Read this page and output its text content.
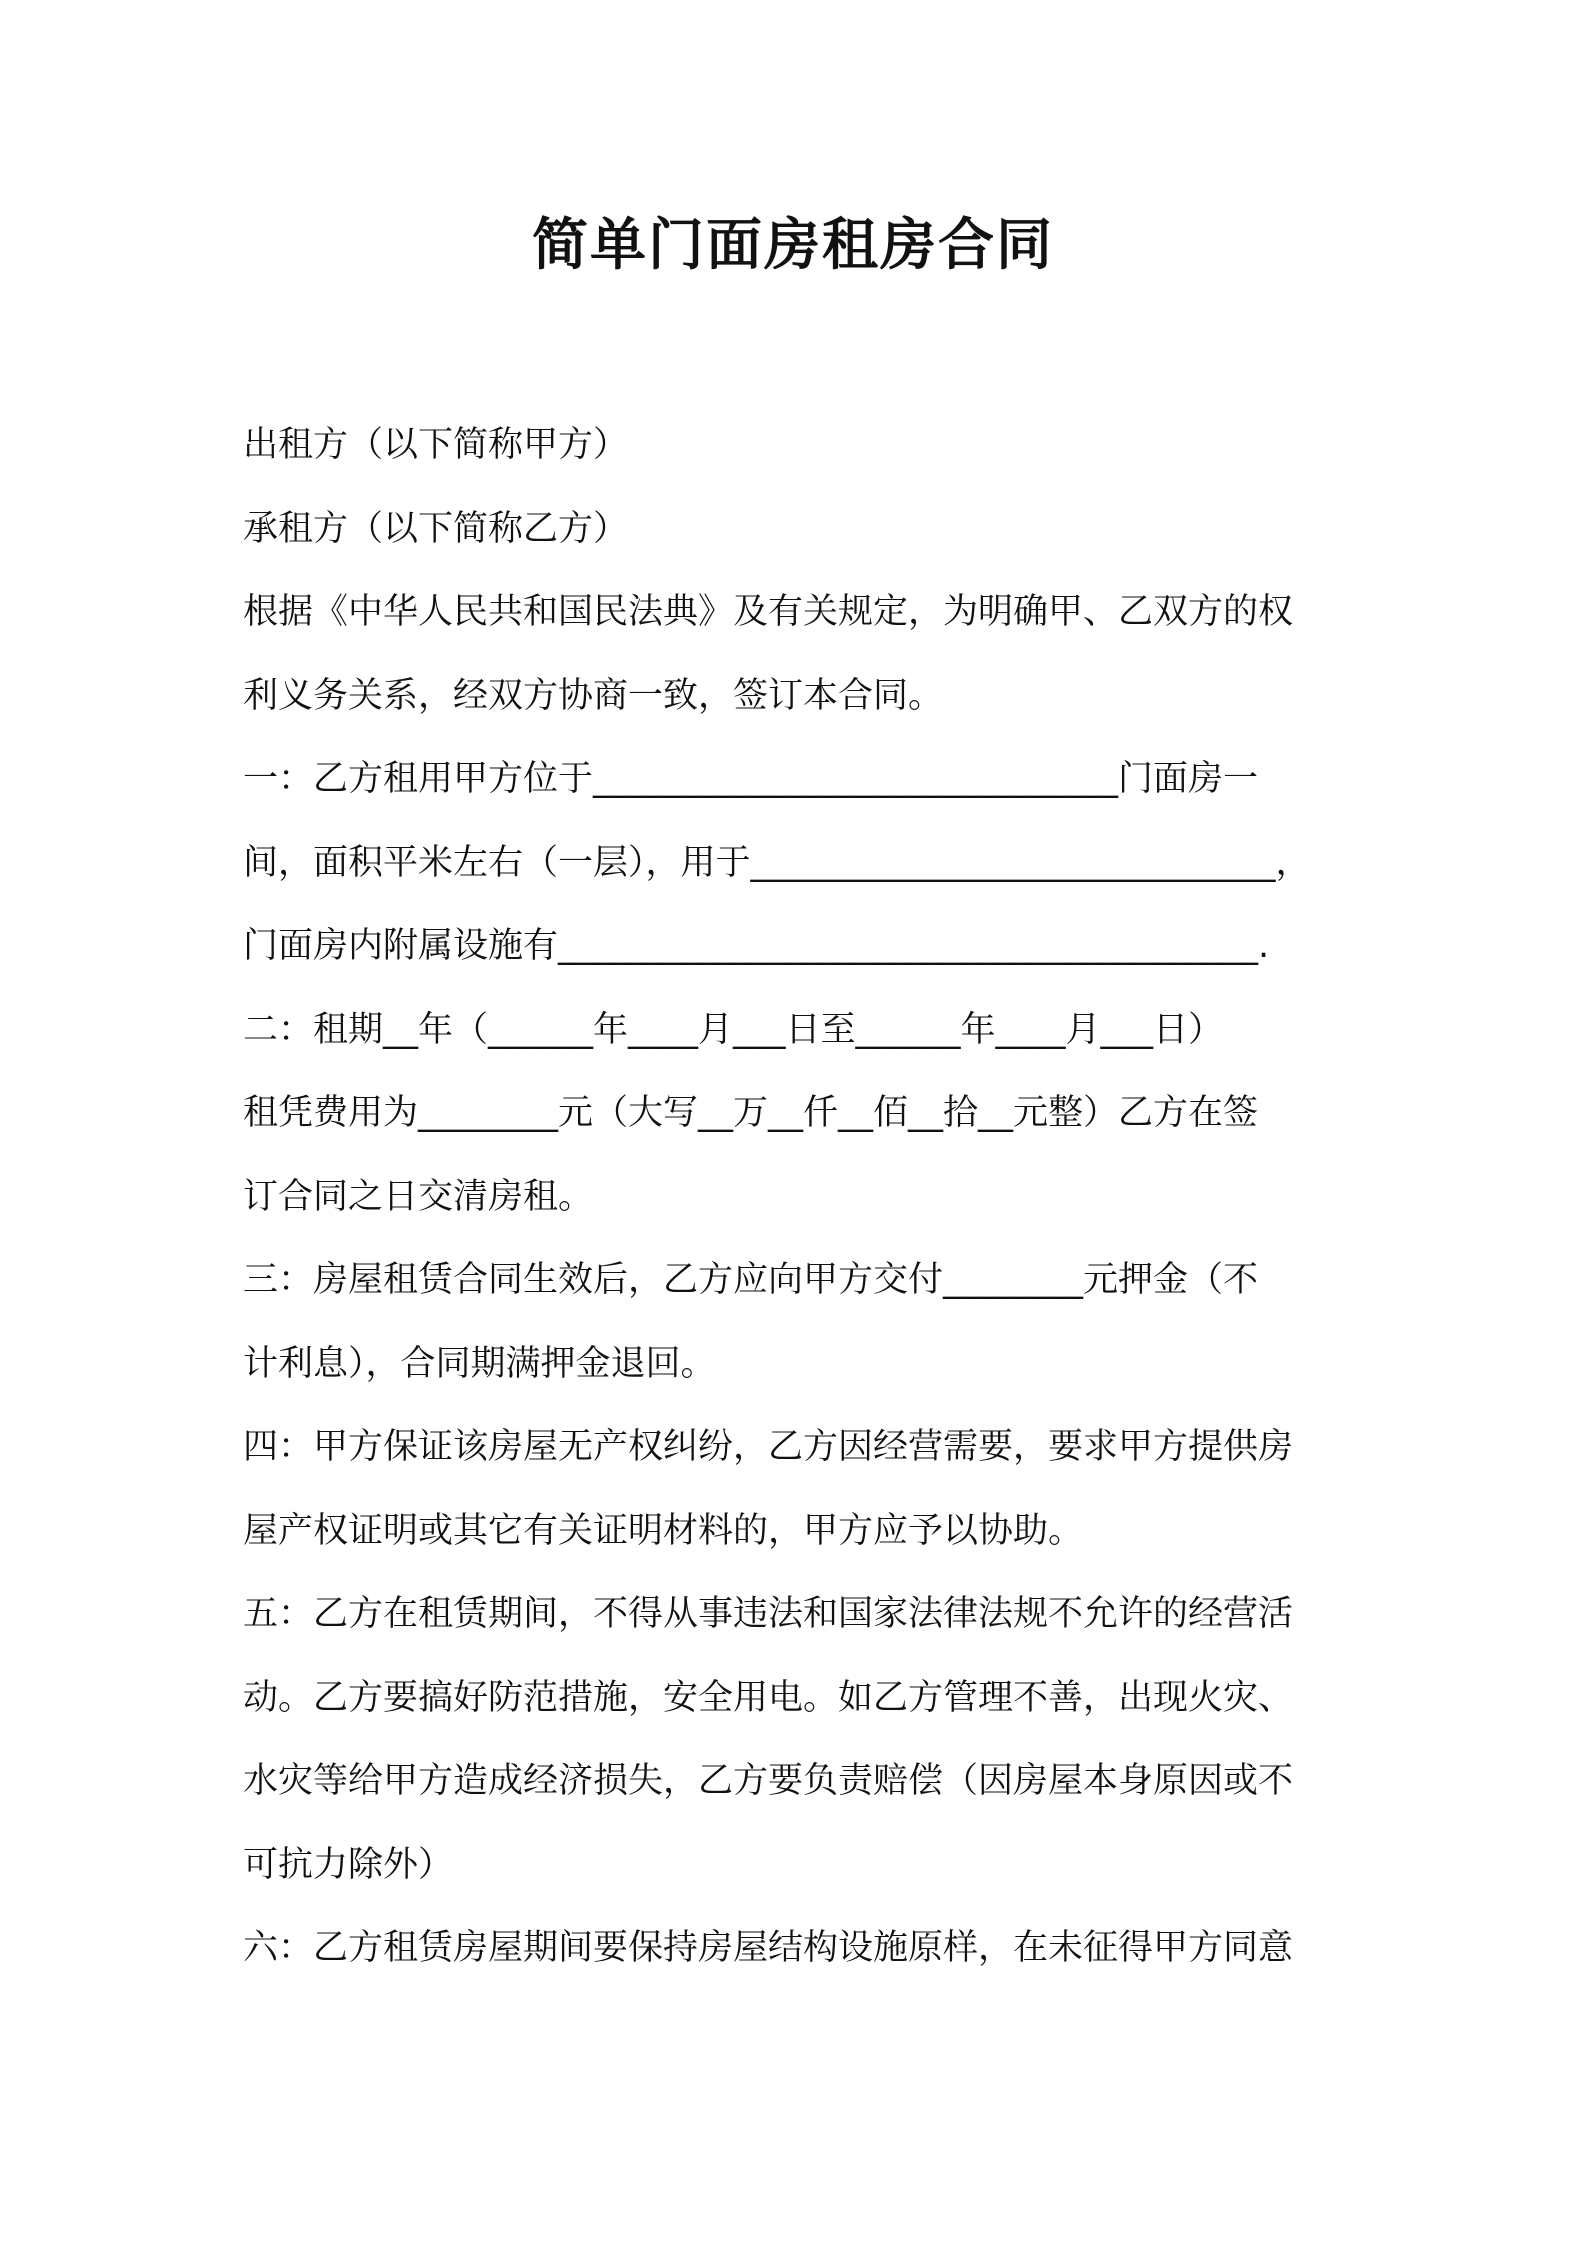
简单门面房租房合同
出租方（以下简称甲方）
承租方（以下简称乙方）
根据《中华人民共和国民法典》及有关规定，为明确甲、乙双方的权
利义务关系，经双方协商一致，签订本合同。
一：乙方租用甲方位于______________________________门面房一
间，面积平米左右（一层），用于______________________________，
门面房内附属设施有________________________________________.
二：租期__年（______年____月___日至______年____月___日）
租凭费用为________元（大写__万__仟__佰__拾__元整）乙方在签
订合同之日交清房租。
三：房屋租赁合同生效后，乙方应向甲方交付________元押金（不
计利息），合同期满押金退回。
四：甲方保证该房屋无产权纠纷，乙方因经营需要，要求甲方提供房
屋产权证明或其它有关证明材料的，甲方应予以协助。
五：乙方在租赁期间，不得从事违法和国家法律法规不允许的经营活
动。乙方要搞好防范措施，安全用电。如乙方管理不善，出现火灾、
水灾等给甲方造成经济损失，乙方要负责赔偿（因房屋本身原因或不
可抗力除外）
六：乙方租赁房屋期间要保持房屋结构设施原样，在未征得甲方同意
